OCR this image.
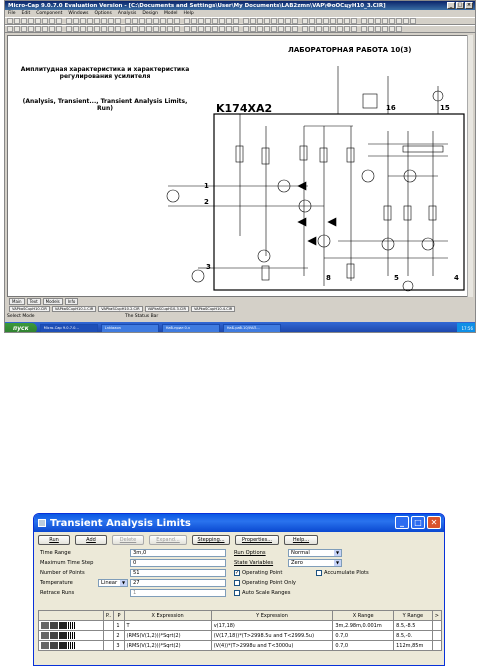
Micro-Cap 9.0.7.0 Evaluation Version - [C:\Documents and Settings\User\My Documents\LAB2zmn\VAP\ФоОСцуН10_3.CIR]	_	□ ×
File Edit Component Windows Options Analysis Design Model Help
ЛАБОРАТОРНАЯ РАБОТА 10(3)
Амплитудная характеристика и характеристика регулирования усилителя
(Analysis, Transient..., Transient Analysis Limits, Run)	K174XA2
1
2
3
4
5
8
16	15
Main	Text	Models	Info
VAPkaSCupH10.CIR	VAPkaSCupH10.1.CIR	VAPkaSCupH10.2.CIR	VAPkaSCupH10.3.CIR	VAPkaSCupH10.4.CIR
Select Mode	The Status Bar
пуск	Micro-Cap 9.0.7.0...	Lnklaaon	Наб-прил 0.v	НаБ.раб.10/УАП...	17:56
Transient Analysis Limits	_	□	✕
Run	Add	Delete	Expand...	Stepping...	Properties...	Help...
Time Range	3m,0
Maximum Time Step	0
Number of Points	51
Temperature	Linear ▼	27
Retrace Runs	1
Run Options	Normal ▼
State Variables	Zero ▼
✓ Operating Point	Accumulate Plots
Operating Point Only
Auto Scale Ranges
	P..	P	X Expression	Y Expression	X Range	Y Range	>
		1	T	v(17,18)	3m,2.98m,0.001m	8.5,-8.5	
		2	(RMS(V(1,2)))*Sqrt(2)	(V(17,18))*(T>2998.5u and T<2999.5u)	0.7,0	8.5,-0.	
		3	(RMS(V(1,2)))*Sqrt(2)	(V(4))*(T>2998u and T<3000u)	0.7,0	112m,85m	
